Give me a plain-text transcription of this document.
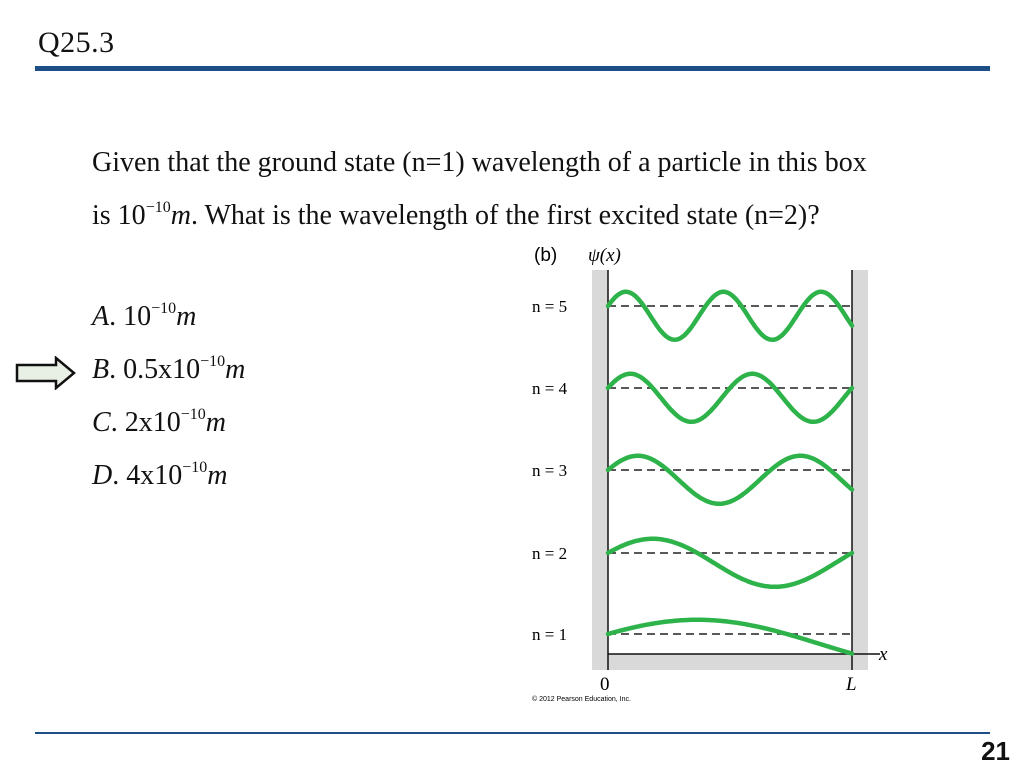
Q25.3
Given that the ground state (n=1) wavelength of a particle in this box
is $10^{-10}m$. What is the wavelength of the first excited state (n=2)?
A. $10^{-10}m$
B. $0.5x10^{-10}m$
C. $2x10^{-10}m$
D. $4x10^{-10}m$
(b) ψ(x)
x
0	L
© 2012 Pearson Education, Inc.
n = 5
n = 4
n = 3
n = 2
n = 1
21
